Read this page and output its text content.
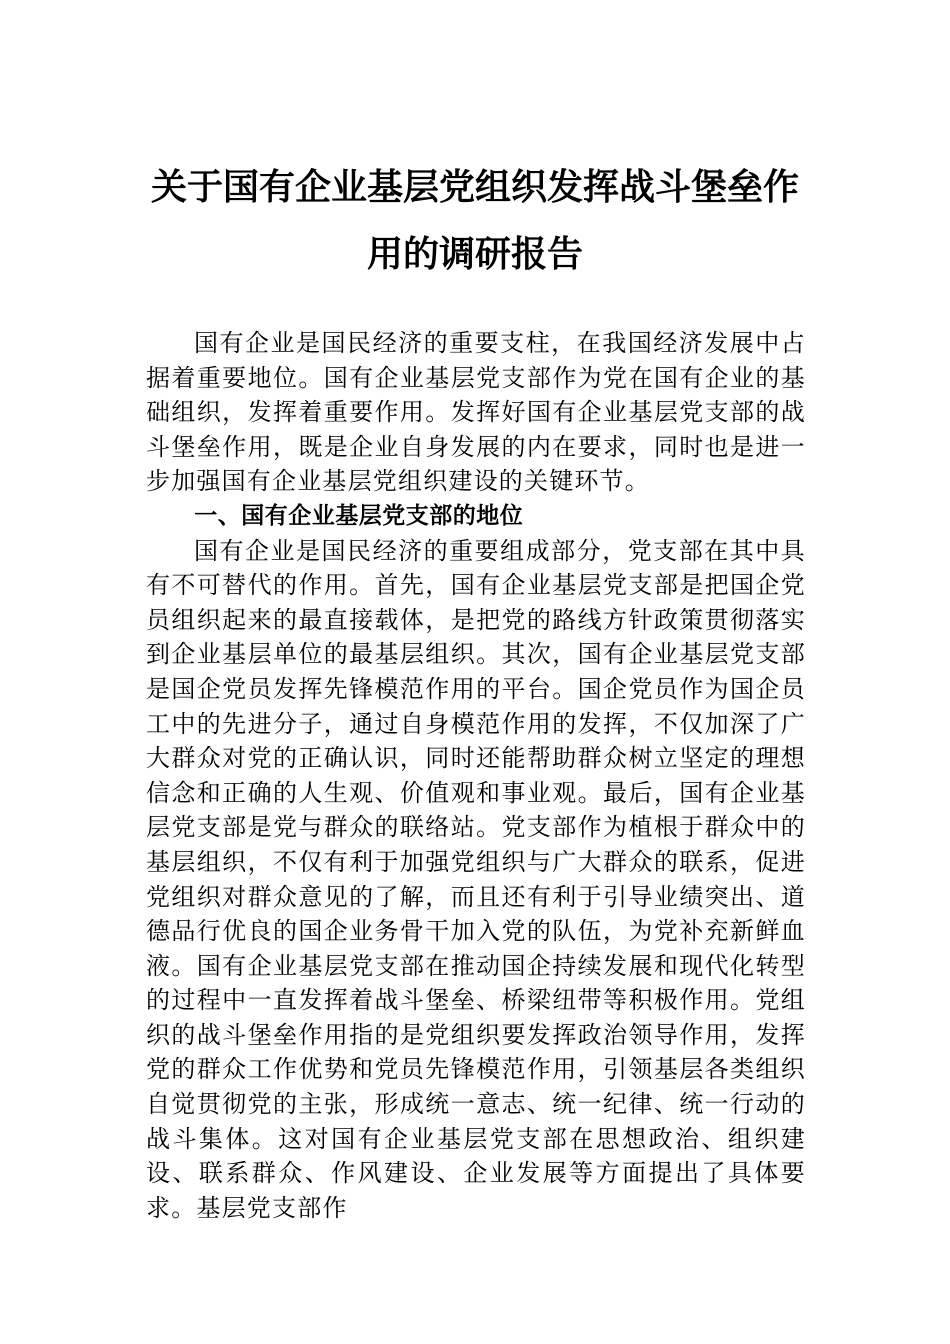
关于国有企业基层党组织发挥战斗堡垒作
用的调研报告

国有企业是国民经济的重要支柱，在我国经济发展中占据着重要地位。国有企业基层党支部作为党在国有企业的基础组织，发挥着重要作用。发挥好国有企业基层党支部的战斗堡垒作用，既是企业自身发展的内在要求，同时也是进一步加强国有企业基层党组织建设的关键环节。

一、国有企业基层党支部的地位

国有企业是国民经济的重要组成部分，党支部在其中具有不可替代的作用。首先，国有企业基层党支部是把国企党员组织起来的最直接载体，是把党的路线方针政策贯彻落实到企业基层单位的最基层组织。其次，国有企业基层党支部是国企党员发挥先锋模范作用的平台。国企党员作为国企员工中的先进分子，通过自身模范作用的发挥，不仅加深了广大群众对党的正确认识，同时还能帮助群众树立坚定的理想信念和正确的人生观、价值观和事业观。最后，国有企业基层党支部是党与群众的联络站。党支部作为植根于群众中的基层组织，不仅有利于加强党组织与广大群众的联系，促进党组织对群众意见的了解，而且还有利于引导业绩突出、道德品行优良的国企业务骨干加入党的队伍，为党补充新鲜血液。国有企业基层党支部在推动国企持续发展和现代化转型的过程中一直发挥着战斗堡垒、桥梁纽带等积极作用。党组织的战斗堡垒作用指的是党组织要发挥政治领导作用，发挥党的群众工作优势和党员先锋模范作用，引领基层各类组织自觉贯彻党的主张，形成统一意志、统一纪律、统一行动的战斗集体。这对国有企业基层党支部在思想政治、组织建设、联系群众、作风建设、企业发展等方面提出了具体要求。基层党支部作
